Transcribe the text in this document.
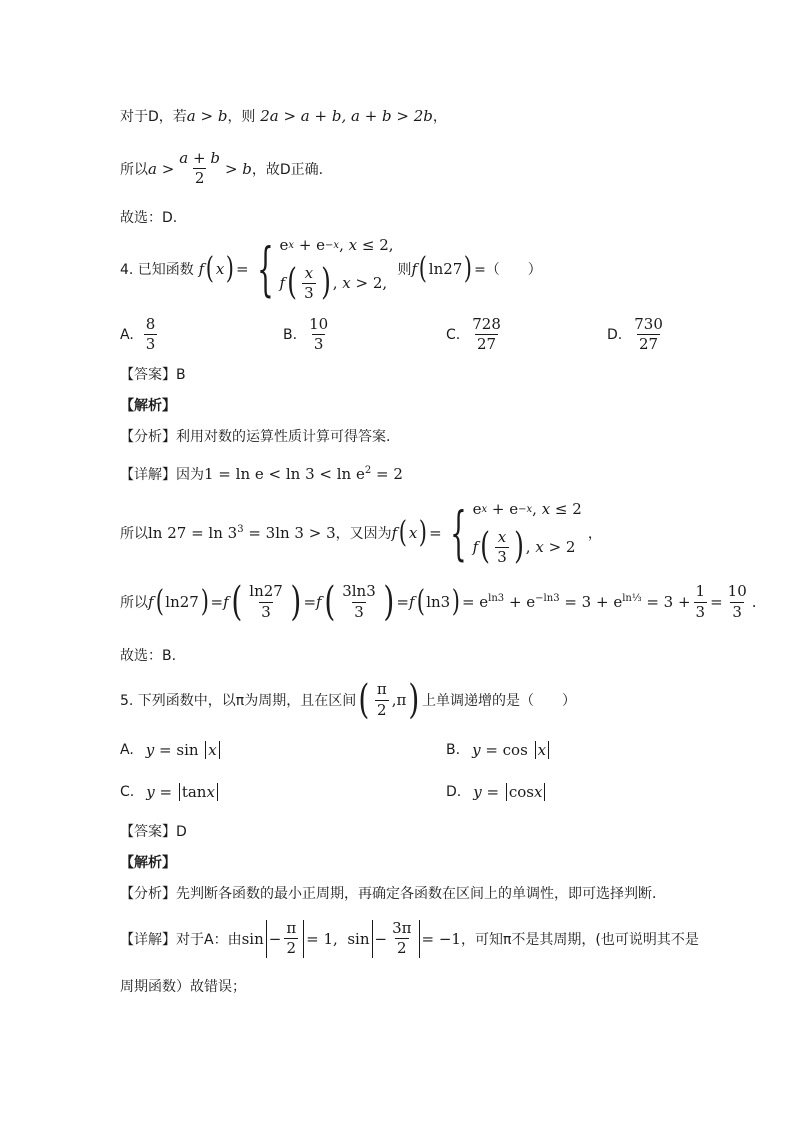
对于D，若 a > b ，则 2a > a + b, a + b > 2b ，
所以 $a > \frac{a + b}{2} > b$ ，故D正确.
故选：D.
4. 已知函数 f ( x ) = { e x + e −x , x ≤ 2,
f ( $\frac{x}{3}$ ) , x > 2,
则 f ( ln27 ) =（　　）
A. $\frac{8}{3}$	B. $\frac{10}{3}$	C. $\frac{728}{27}$	D. $\frac{730}{27}$
【答案】B
【解析】
【分析】利用对数的运算性质计算可得答案.
【详解】因为 $1 = \ln e < \ln 3 < \ln e^2 = 2$
所以 $\ln 27 = \ln 3^3 = 3\ln$ 3 > 3 ，又因为 f ( x ) = { e x + e −x , x ≤ 2
f ( $\frac{x}{3}$ ) , x > 2
，
所以 f ( ln27 ) = f ( $\frac{\ln 27}{3}$ ) = f ( $\frac{3\ln 3}{3}$ ) = f ( ln3 ) = $e^{ln3} + e^{-ln3} = 3 + e^{ln\frac{1}{3}} = 3 + \frac{1}{3} = \frac{10}{3}$ .
故选：B.
5. 下列函数中，以π为周期，且在区间 ( $\frac{\pi}{2} ,\pi$ ) 上单调递增的是（　　）
A. y = sin x	B. y = cos x
C. y = tanx	D. y = cosx
【答案】D
【解析】
【分析】先判断各函数的最小正周期，再确定各函数在区间上的单调性，即可选择判断．
【详解】对于A：由 $\sin - \frac{\pi}{2} = 1$,  $\sin - \frac{3\pi}{2} = -1$ ，可知π不是其周期，(也可说明其不是
周期函数）故错误；
